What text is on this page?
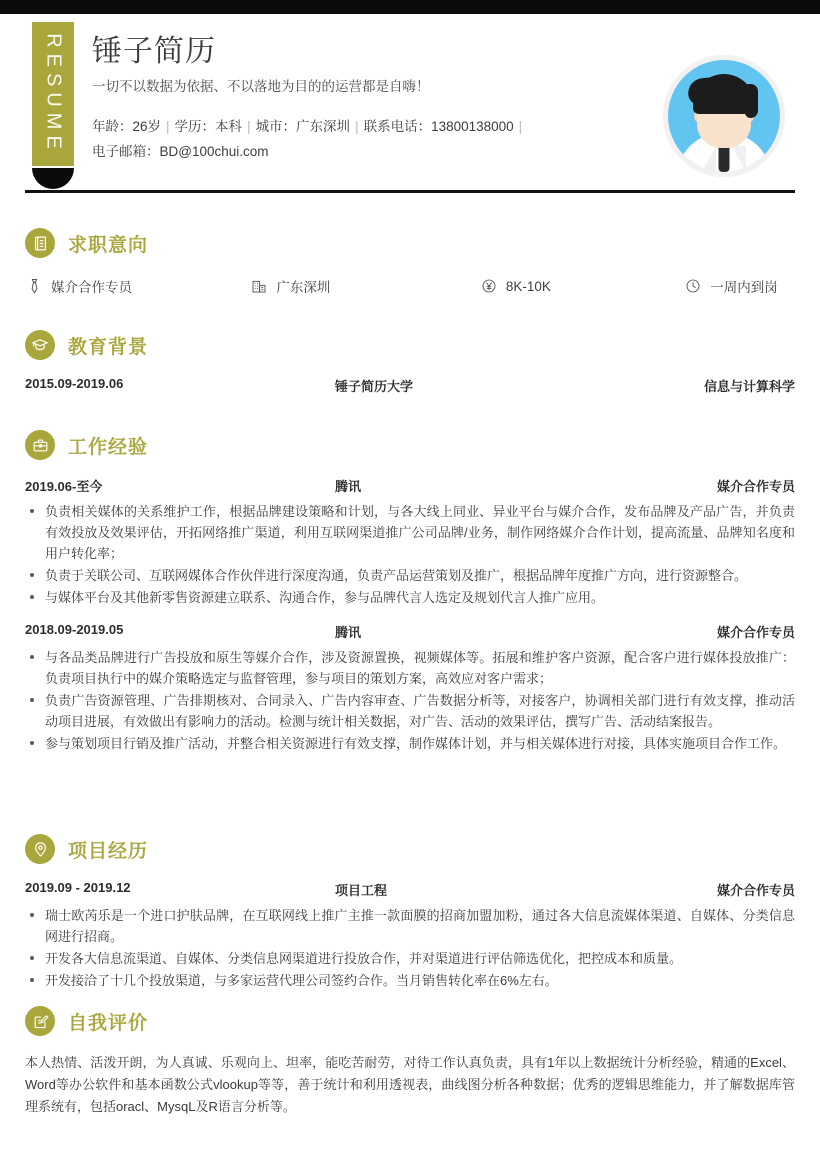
RESUME 锤子简历
一切不以数据为依据、不以落地为目的的运营都是自嗨！
年龄：26岁 | 学历：本科 | 城市：广东深圳 | 联系电话：13800138000 |
电子邮箱：BD@100chui.com
求职意向
媒介合作专员	广东深圳	8K-10K	一周内到岗
教育背景
2015.09-2019.06	锤子简历大学	信息与计算科学
工作经验
2019.06-至今	腾讯	媒介合作专员
负责相关媒体的关系维护工作，根据品牌建设策略和计划，与各大线上同业、异业平台与媒介合作，发布品牌及产品广告，并负责有效投放及效果评估，开拓网络推广渠道，利用互联网渠道推广公司品牌/业务，制作网络媒介合作计划，提高流量、品牌知名度和用户转化率；
负责于关联公司、互联网媒体合作伙伴进行深度沟通，负责产品运营策划及推广，根据品牌年度推广方向，进行资源整合。
与媒体平台及其他新零售资源建立联系、沟通合作，参与品牌代言人选定及规划代言人推广应用。
2018.09-2019.05	腾讯	媒介合作专员
与各品类品牌进行广告投放和原生等媒介合作，涉及资源置换，视频媒体等。拓展和维护客户资源，配合客户进行媒体投放推广：负责项目执行中的媒介策略选定与监督管理，参与项目的策划方案，高效应对客户需求；
负责广告资源管理、广告排期核对、合同录入、广告内容审查、广告数据分析等，对接客户，协调相关部门进行有效支撑，推动活动项目进展，有效做出有影响力的活动。检测与统计相关数据，对广告、活动的效果评估，撰写广告、活动结案报告。
参与策划项目行销及推广活动，并整合相关资源进行有效支撑，制作媒体计划，并与相关媒体进行对接，具体实施项目合作工作。
项目经历
2019.09 - 2019.12	项目工程	媒介合作专员
瑞士欧芮乐是一个进口护肤品牌，在互联网线上推广主推一款面膜的招商加盟加粉，通过各大信息流媒体渠道、自媒体、分类信息网进行招商。
开发各大信息流渠道、自媒体、分类信息网渠道进行投放合作，并对渠道进行评估筛选优化，把控成本和质量。
开发接洽了十几个投放渠道，与多家运营代理公司签约合作。当月销售转化率在6%左右。
自我评价
本人热情、活泼开朗，为人真诚、乐观向上、坦率，能吃苦耐劳，对待工作认真负责，具有1年以上数据统计分析经验，精通的Excel、Word等办公软件和基本函数公式vlookup等等，善于统计和利用透视表，曲线图分析各种数据；优秀的逻辑思维能力，并了解数据库管理系统有，包括oracl、MysqL及R语言分析等。
